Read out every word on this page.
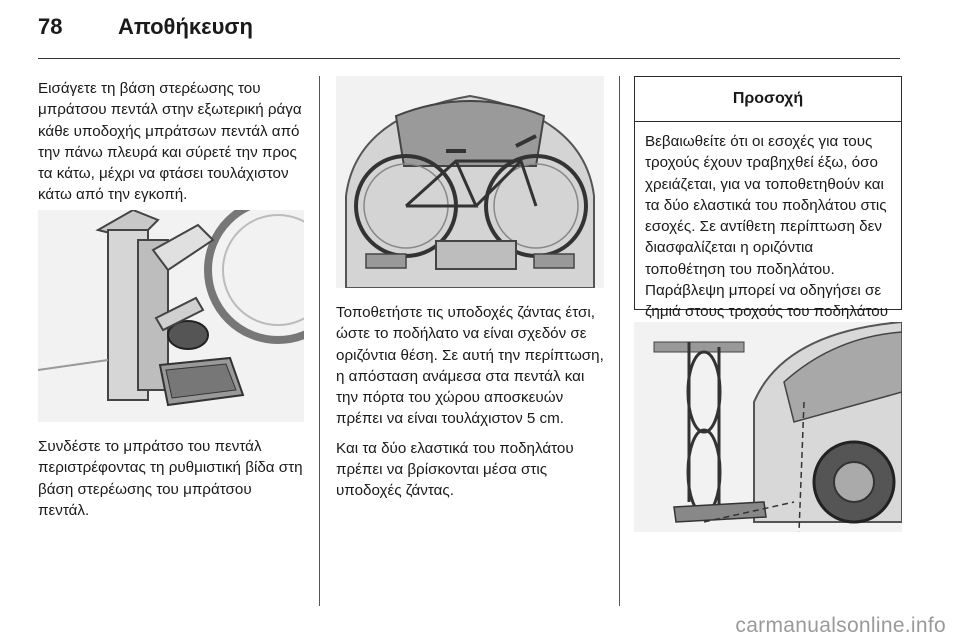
78	Αποθήκευση

Εισάγετε τη βάση στερέωσης του μπράτσου πεντάλ στην εξωτερική ράγα κάθε υποδοχής μπράτσων πεντάλ από την πάνω πλευρά και σύρετέ την προς τα κάτω, μέχρι να φτάσει τουλάχιστον κάτω από την εγκοπή.

Συνδέστε το μπράτσο του πεντάλ περιστρέφοντας τη ρυθμιστική βίδα στη βάση στερέωσης του μπράτσου πεντάλ.

Τοποθετήστε τις υποδοχές ζάντας έτσι, ώστε το ποδήλατο να είναι σχεδόν σε οριζόντια θέση. Σε αυτή την περίπτωση, η απόσταση ανάμεσα στα πεντάλ και την πόρτα του χώρου αποσκευών πρέπει να είναι τουλάχιστον 5 cm.

Και τα δύο ελαστικά του ποδηλάτου πρέπει να βρίσκονται μέσα στις υποδοχές ζάντας.

Προσοχή

Βεβαιωθείτε ότι οι εσοχές για τους τροχούς έχουν τραβηχθεί έξω, όσο χρειάζεται, για να τοποθετηθούν και τα δύο ελαστικά του ποδηλάτου στις εσοχές. Σε αντίθετη περίπτωση δεν διασφαλίζεται η οριζόντια τοποθέτηση του ποδηλάτου. Παράβλεψη μπορεί να οδηγήσει σε ζημιά στους τροχούς του ποδηλάτου

carmanualsonline.info
